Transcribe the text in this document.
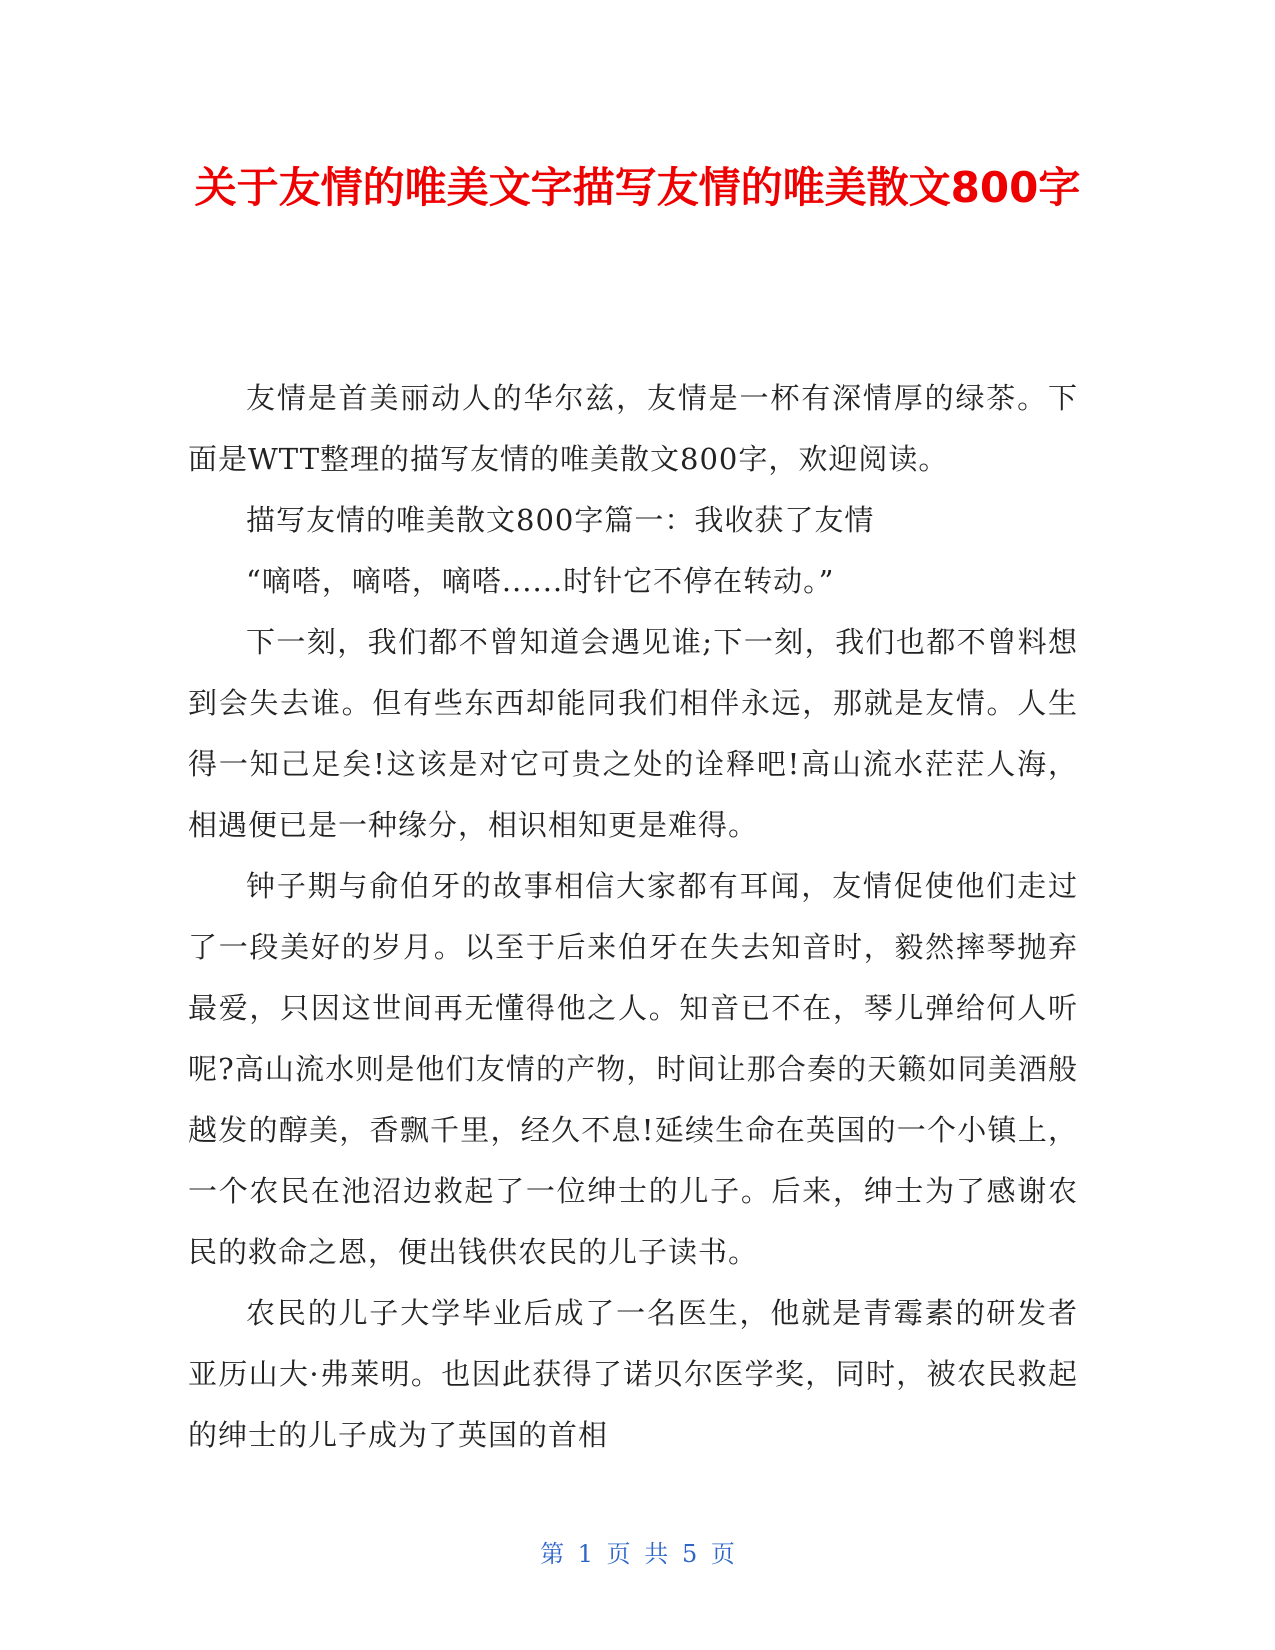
关于友情的唯美文字描写友情的唯美散文800字

友情是首美丽动人的华尔兹，友情是一杯有深情厚的绿茶。下面是WTT整理的描写友情的唯美散文800字，欢迎阅读。

描写友情的唯美散文800字篇一：我收获了友情

“嘀嗒，嘀嗒，嘀嗒......时针它不停在转动。”

下一刻，我们都不曾知道会遇见谁;下一刻，我们也都不曾料想到会失去谁。但有些东西却能同我们相伴永远，那就是友情。人生得一知己足矣!这该是对它可贵之处的诠释吧!高山流水茫茫人海，相遇便已是一种缘分，相识相知更是难得。

钟子期与俞伯牙的故事相信大家都有耳闻，友情促使他们走过了一段美好的岁月。以至于后来伯牙在失去知音时，毅然摔琴抛弃最爱，只因这世间再无懂得他之人。知音已不在，琴儿弹给何人听呢?高山流水则是他们友情的产物，时间让那合奏的天籁如同美酒般越发的醇美，香飘千里，经久不息!延续生命在英国的一个小镇上，一个农民在池沼边救起了一位绅士的儿子。后来，绅士为了感谢农民的救命之恩，便出钱供农民的儿子读书。

农民的儿子大学毕业后成了一名医生，他就是青霉素的研发者亚历山大·弗莱明。也因此获得了诺贝尔医学奖，同时，被农民救起的绅士的儿子成为了英国的首相

第 1 页 共 5 页
